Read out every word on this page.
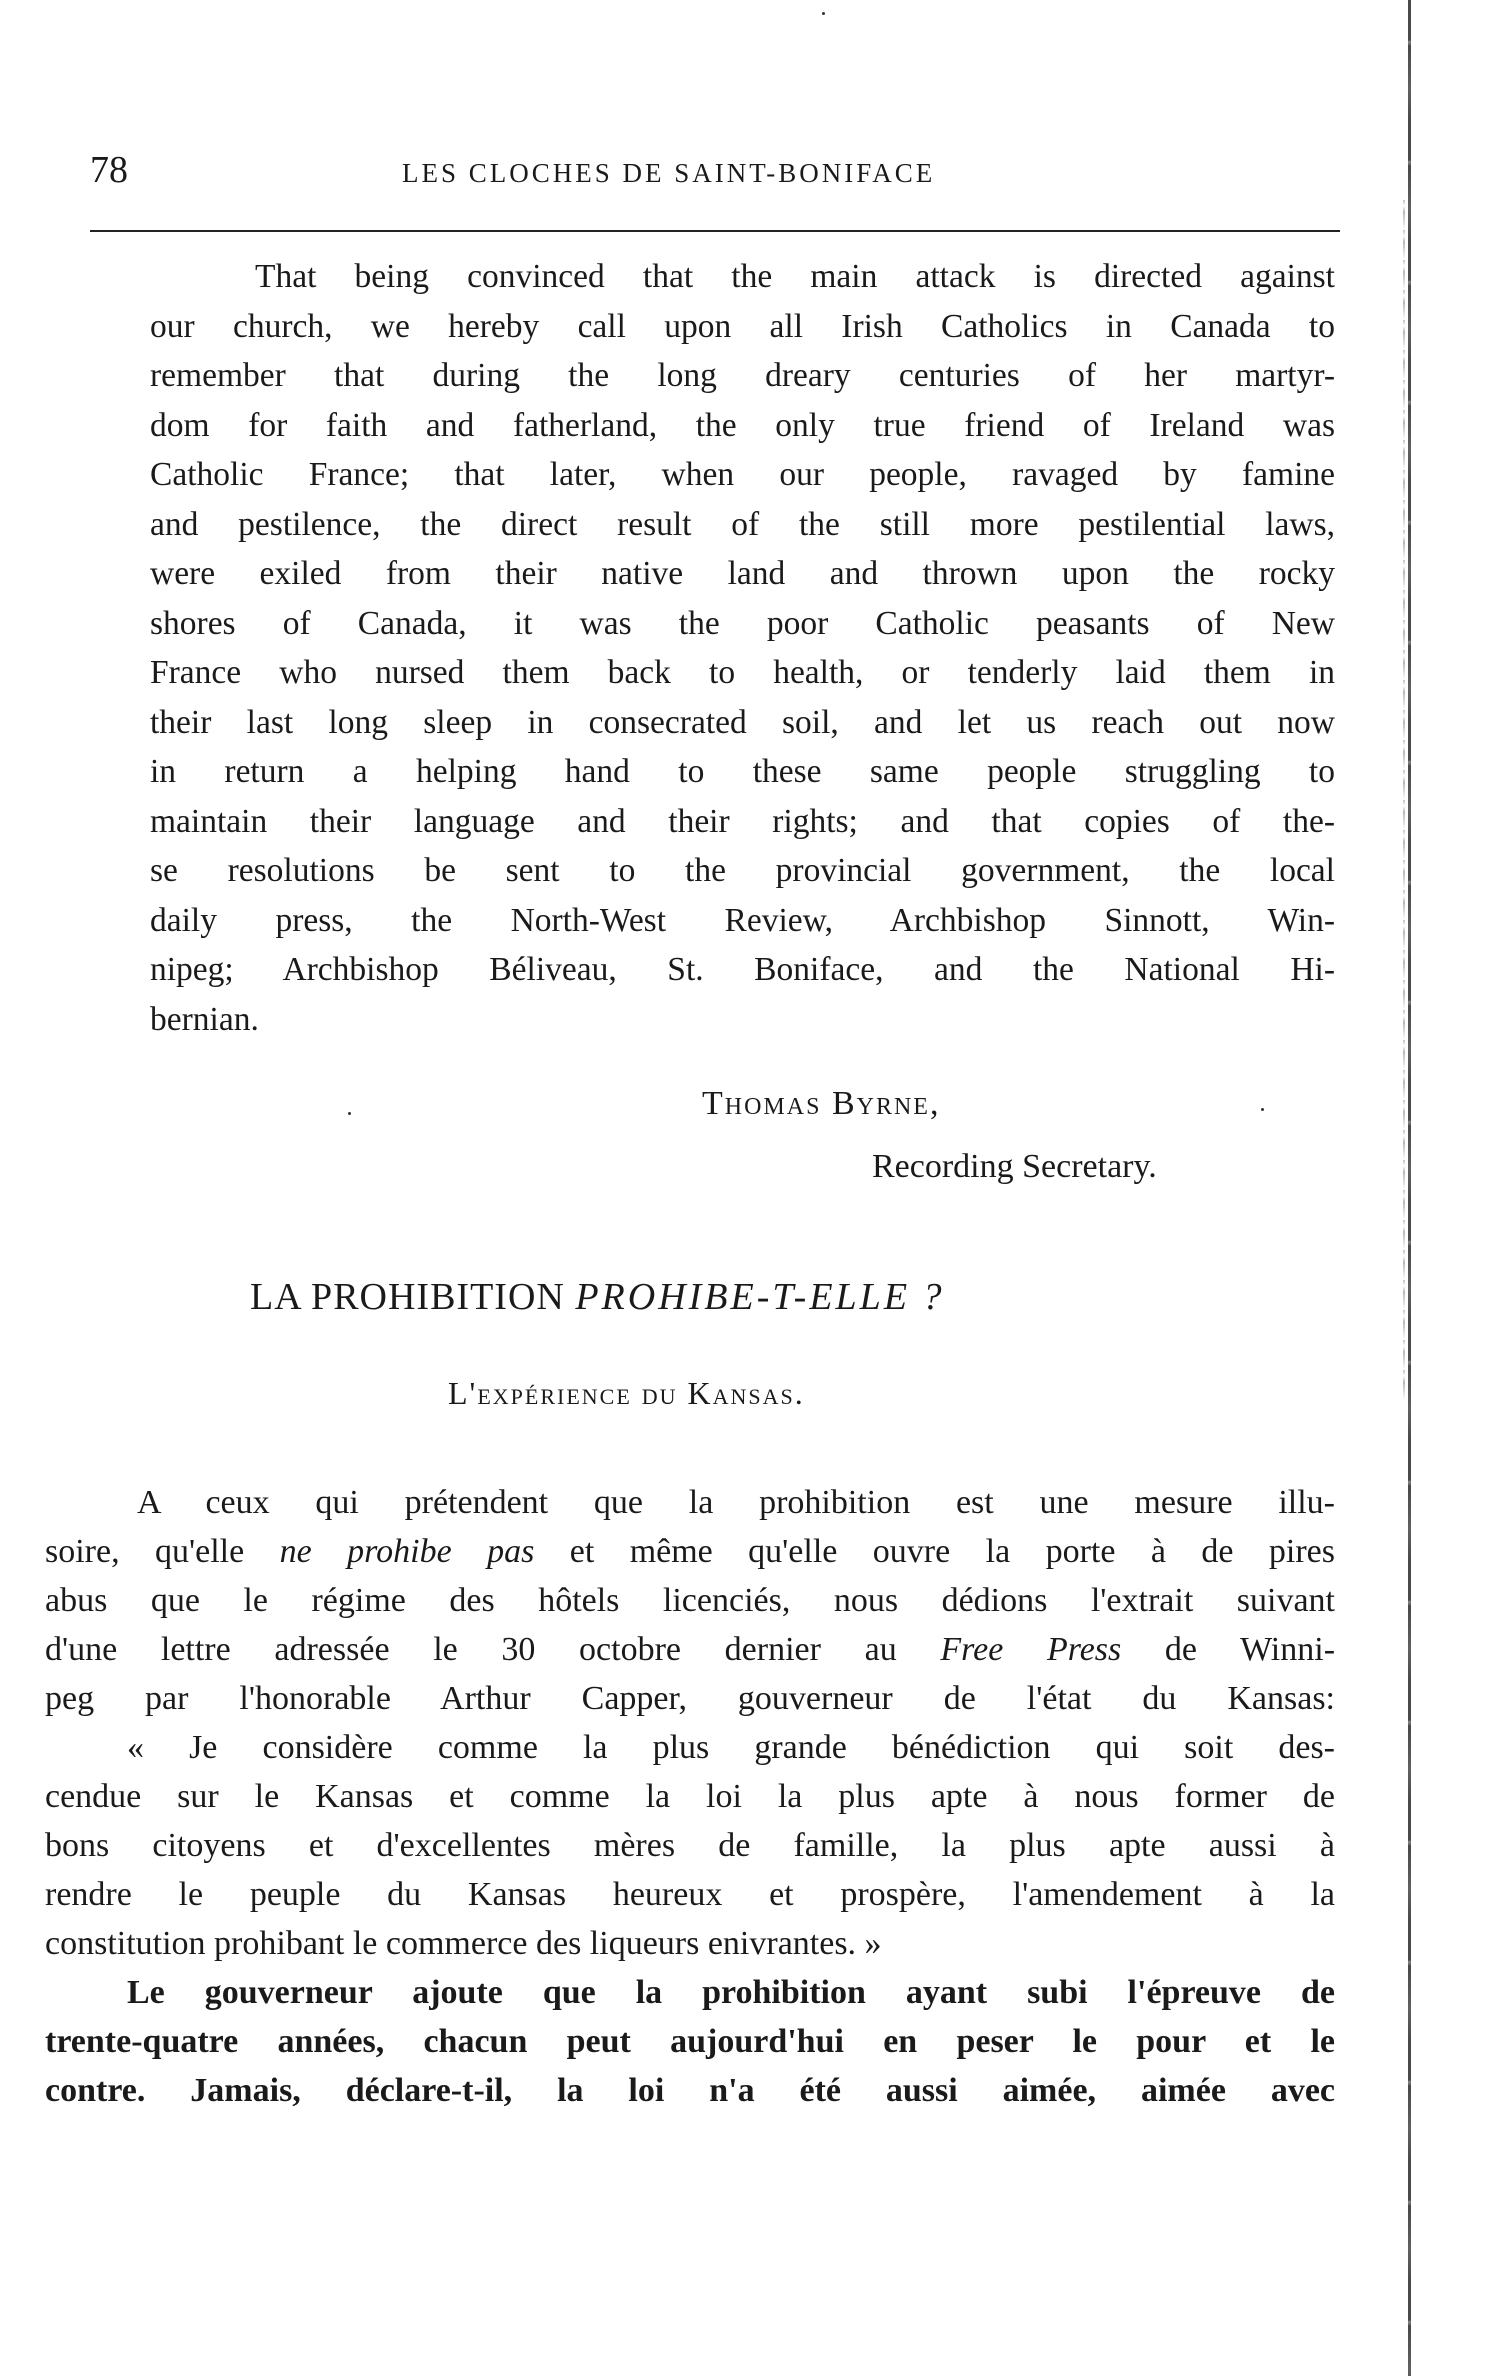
78	LES CLOCHES DE SAINT-BONIFACE
That being convinced that the main attack is directed against
our church, we hereby call upon all Irish Catholics in Canada to
remember that during the long dreary centuries of her martyr-
dom for faith and fatherland, the only true friend of Ireland was
Catholic France; that later, when our people, ravaged by famine
and pestilence, the direct result of the still more pestilential laws,
were exiled from their native land and thrown upon the rocky
shores of Canada, it was the poor Catholic peasants of New
France who nursed them back to health, or tenderly laid them in
their last long sleep in consecrated soil, and let us reach out now
in return a helping hand to these same people struggling to
maintain their language and their rights; and that copies of the-
se resolutions be sent to the provincial government, the local
daily press, the North-West Review, Archbishop Sinnott, Win-
nipeg; Archbishop Béliveau, St. Boniface, and the National Hi-
bernian.
Thomas Byrne,
Recording Secretary.
LA PROHIBITION PROHIBE-T-ELLE ?
L'expérience du Kansas.
A ceux qui prétendent que la prohibition est une mesure illu-
soire, qu'elle ne prohibe pas et même qu'elle ouvre la porte à de pires
abus que le régime des hôtels licenciés, nous dédions l'extrait suivant
d'une lettre adressée le 30 octobre dernier au Free Press de Winni-
peg par l'honorable Arthur Capper, gouverneur de l'état du Kansas:
« Je considère comme la plus grande bénédiction qui soit des-
cendue sur le Kansas et comme la loi la plus apte à nous former de
bons citoyens et d'excellentes mères de famille, la plus apte aussi à
rendre le peuple du Kansas heureux et prospère, l'amendement à la
constitution prohibant le commerce des liqueurs enivrantes. »
Le gouverneur ajoute que la prohibition ayant subi l'épreuve de
trente-quatre années, chacun peut aujourd'hui en peser le pour et le
contre. Jamais, déclare-t-il, la loi n'a été aussi aimée, aimée avec
